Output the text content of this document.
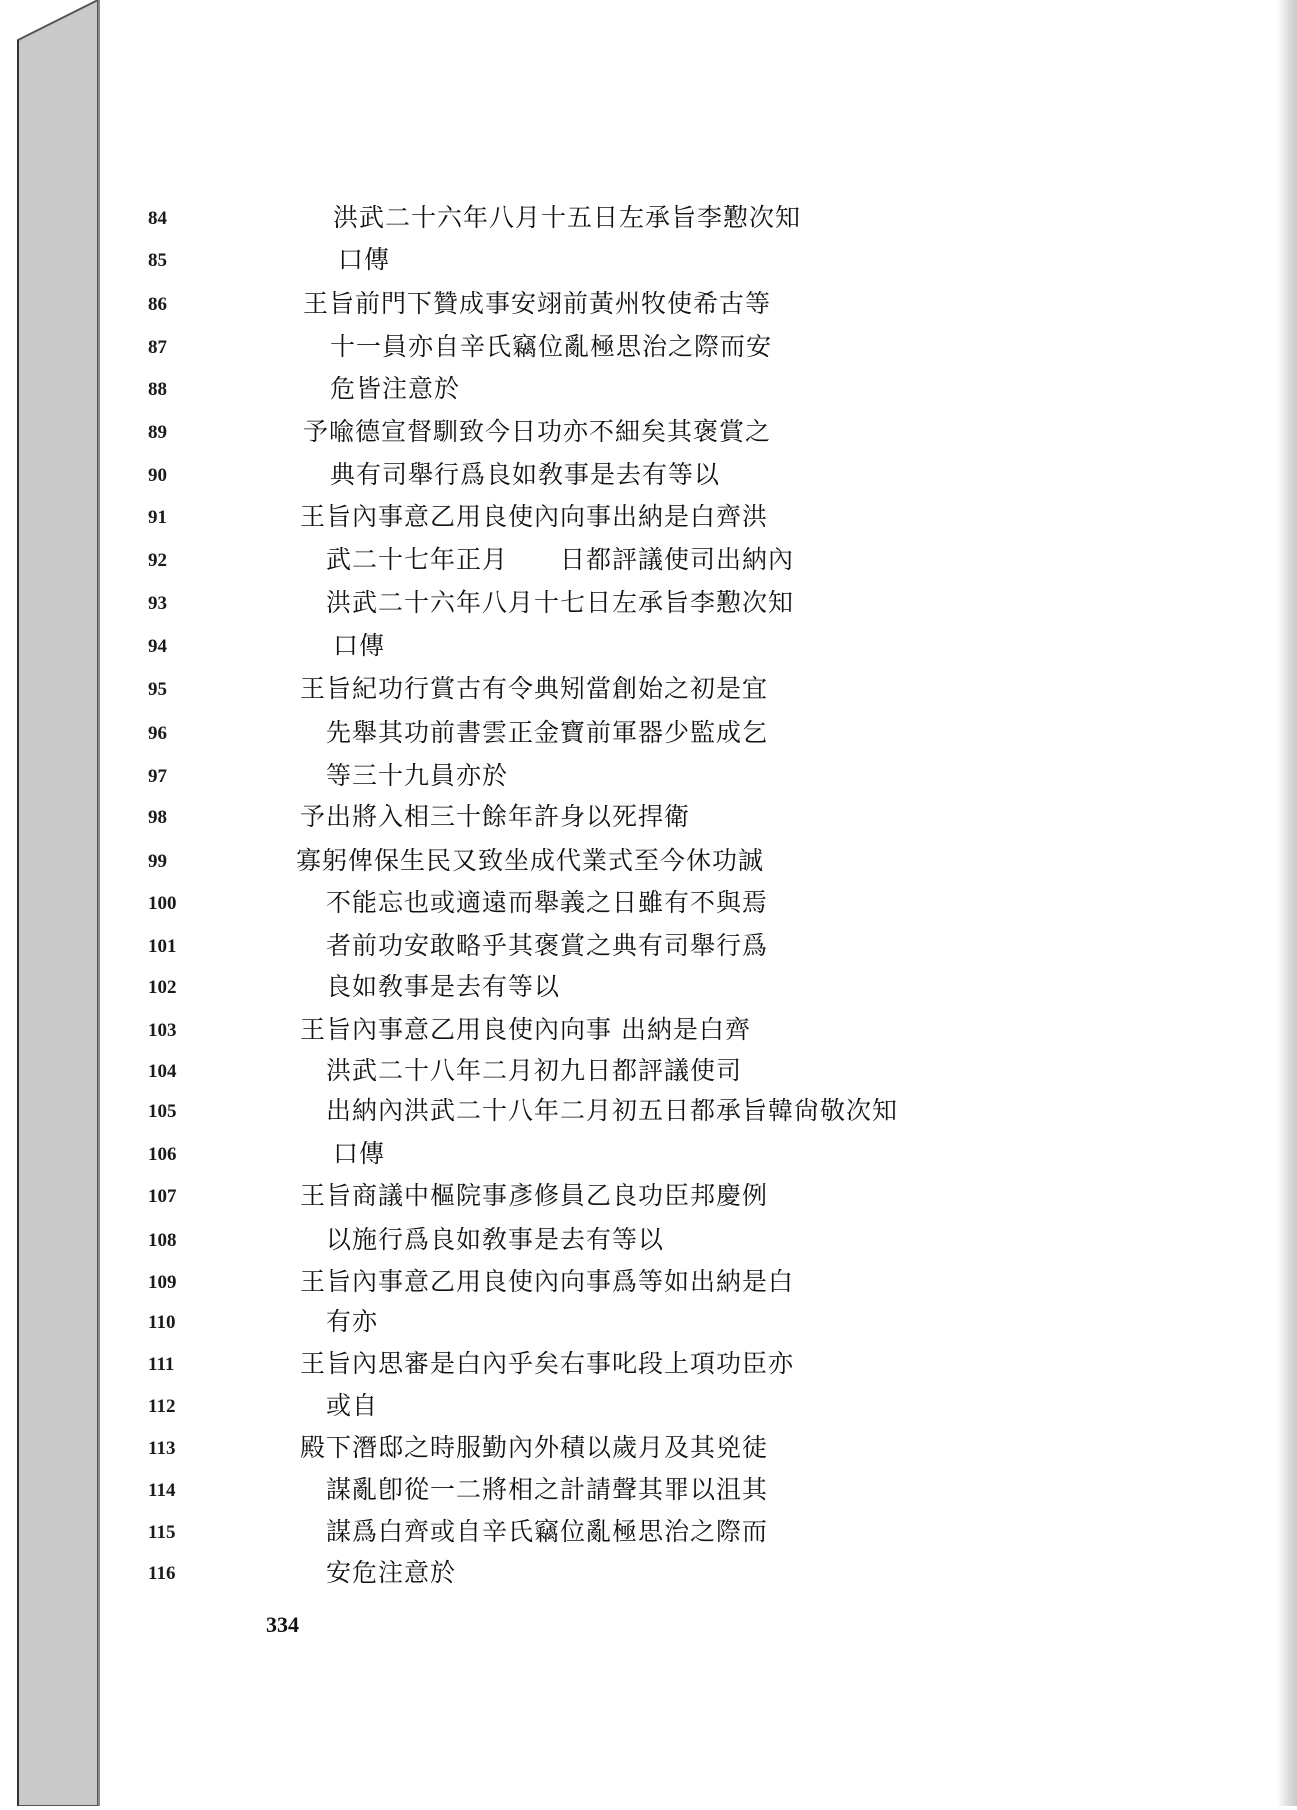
84	洪武二十六年八月十五日左承旨李懃次知
85	口傳
86	王旨前門下贊成事安翊前黃州牧使希古等
87	十一員亦自辛氏竊位亂極思治之際而安
88	危皆注意於
89	予喩德宣督馴致今日功亦不細矣其褒賞之
90	典有司舉行爲良如敎事是去有等以
91	王旨內事意乙用良使內向事出納是白齊洪
92	武二十七年正月　　日都評議使司出納內
93	洪武二十六年八月十七日左承旨李懃次知
94	口傳
95	王旨紀功行賞古有令典矧當創始之初是宜
96	先舉其功前書雲正金寶前軍器少監成乞
97	等三十九員亦於
98	予出將入相三十餘年許身以死捍衛
99	寡躬俾保生民又致坐成代業式至今休功誠
100	不能忘也或適遠而舉義之日雖有不與焉
101	者前功安敢略乎其褒賞之典有司舉行爲
102	良如敎事是去有等以
103	王旨內事意乙用良使內向事 出納是白齊
104	洪武二十八年二月初九日都評議使司
105	出納內洪武二十八年二月初五日都承旨韓尙敬次知
106	口傳
107	王旨商議中樞院事彥修員乙良功臣邦慶例
108	以施行爲良如敎事是去有等以
109	王旨內事意乙用良使內向事爲等如出納是白
110	有亦
111	王旨內思審是白內乎矣右事叱段上項功臣亦
112	或自
113	殿下潛邸之時服勤內外積以歲月及其兇徒
114	謀亂卽從一二將相之計請聲其罪以沮其
115	謀爲白齊或自辛氏竊位亂極思治之際而
116	安危注意於
334
